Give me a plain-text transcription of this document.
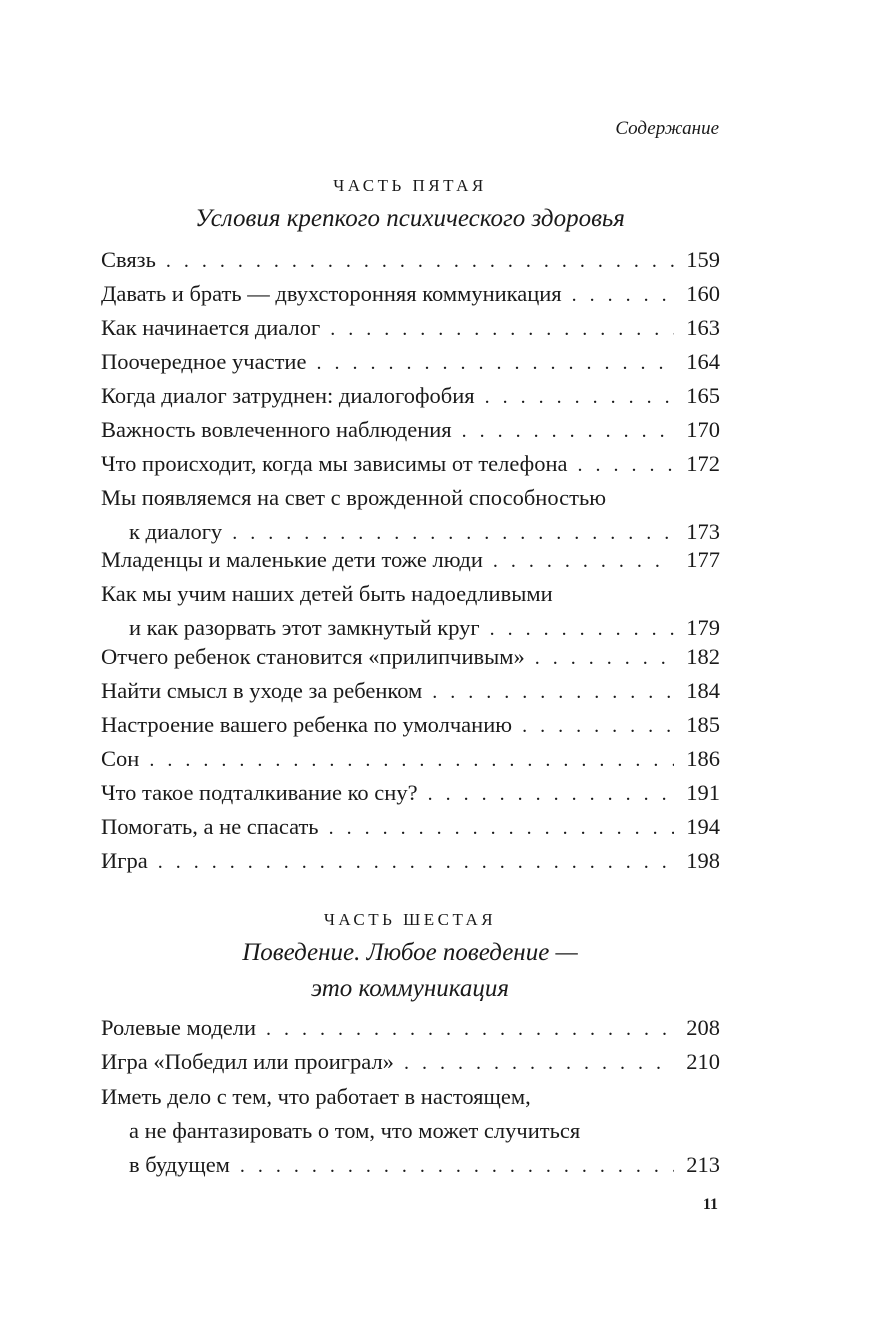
Содержание
ЧАСТЬ ПЯТАЯ
Условия крепкого психического здоровья
Связь . . .	159
Давать и брать — двухсторонняя коммуникация . . .	160
Как начинается диалог . . .	163
Поочередное участие . . .	164
Когда диалог затруднен: диалогофобия . . .	165
Важность вовлеченного наблюдения . . .	170
Что происходит, когда мы зависимы от телефона . . .	172
Мы появляемся на свет с врожденной способностью
к диалогу . . .	173
Младенцы и маленькие дети тоже люди . . .	177
Как мы учим наших детей быть надоедливыми
и как разорвать этот замкнутый круг . . .	179
Отчего ребенок становится «прилипчивым» . . .	182
Найти смысл в уходе за ребенком . . .	184
Настроение вашего ребенка по умолчанию . . .	185
Сон . . .	186
Что такое подталкивание ко сну? . . .	191
Помогать, а не спасать . . .	194
Игра . . .	198
ЧАСТЬ ШЕСТАЯ
Поведение. Любое поведение —
это коммуникация
Ролевые модели . . .	208
Игра «Победил или проиграл» . . .	210
Иметь дело с тем, что работает в настоящем,
а не фантазировать о том, что может случиться
в будущем . . .	213
11
